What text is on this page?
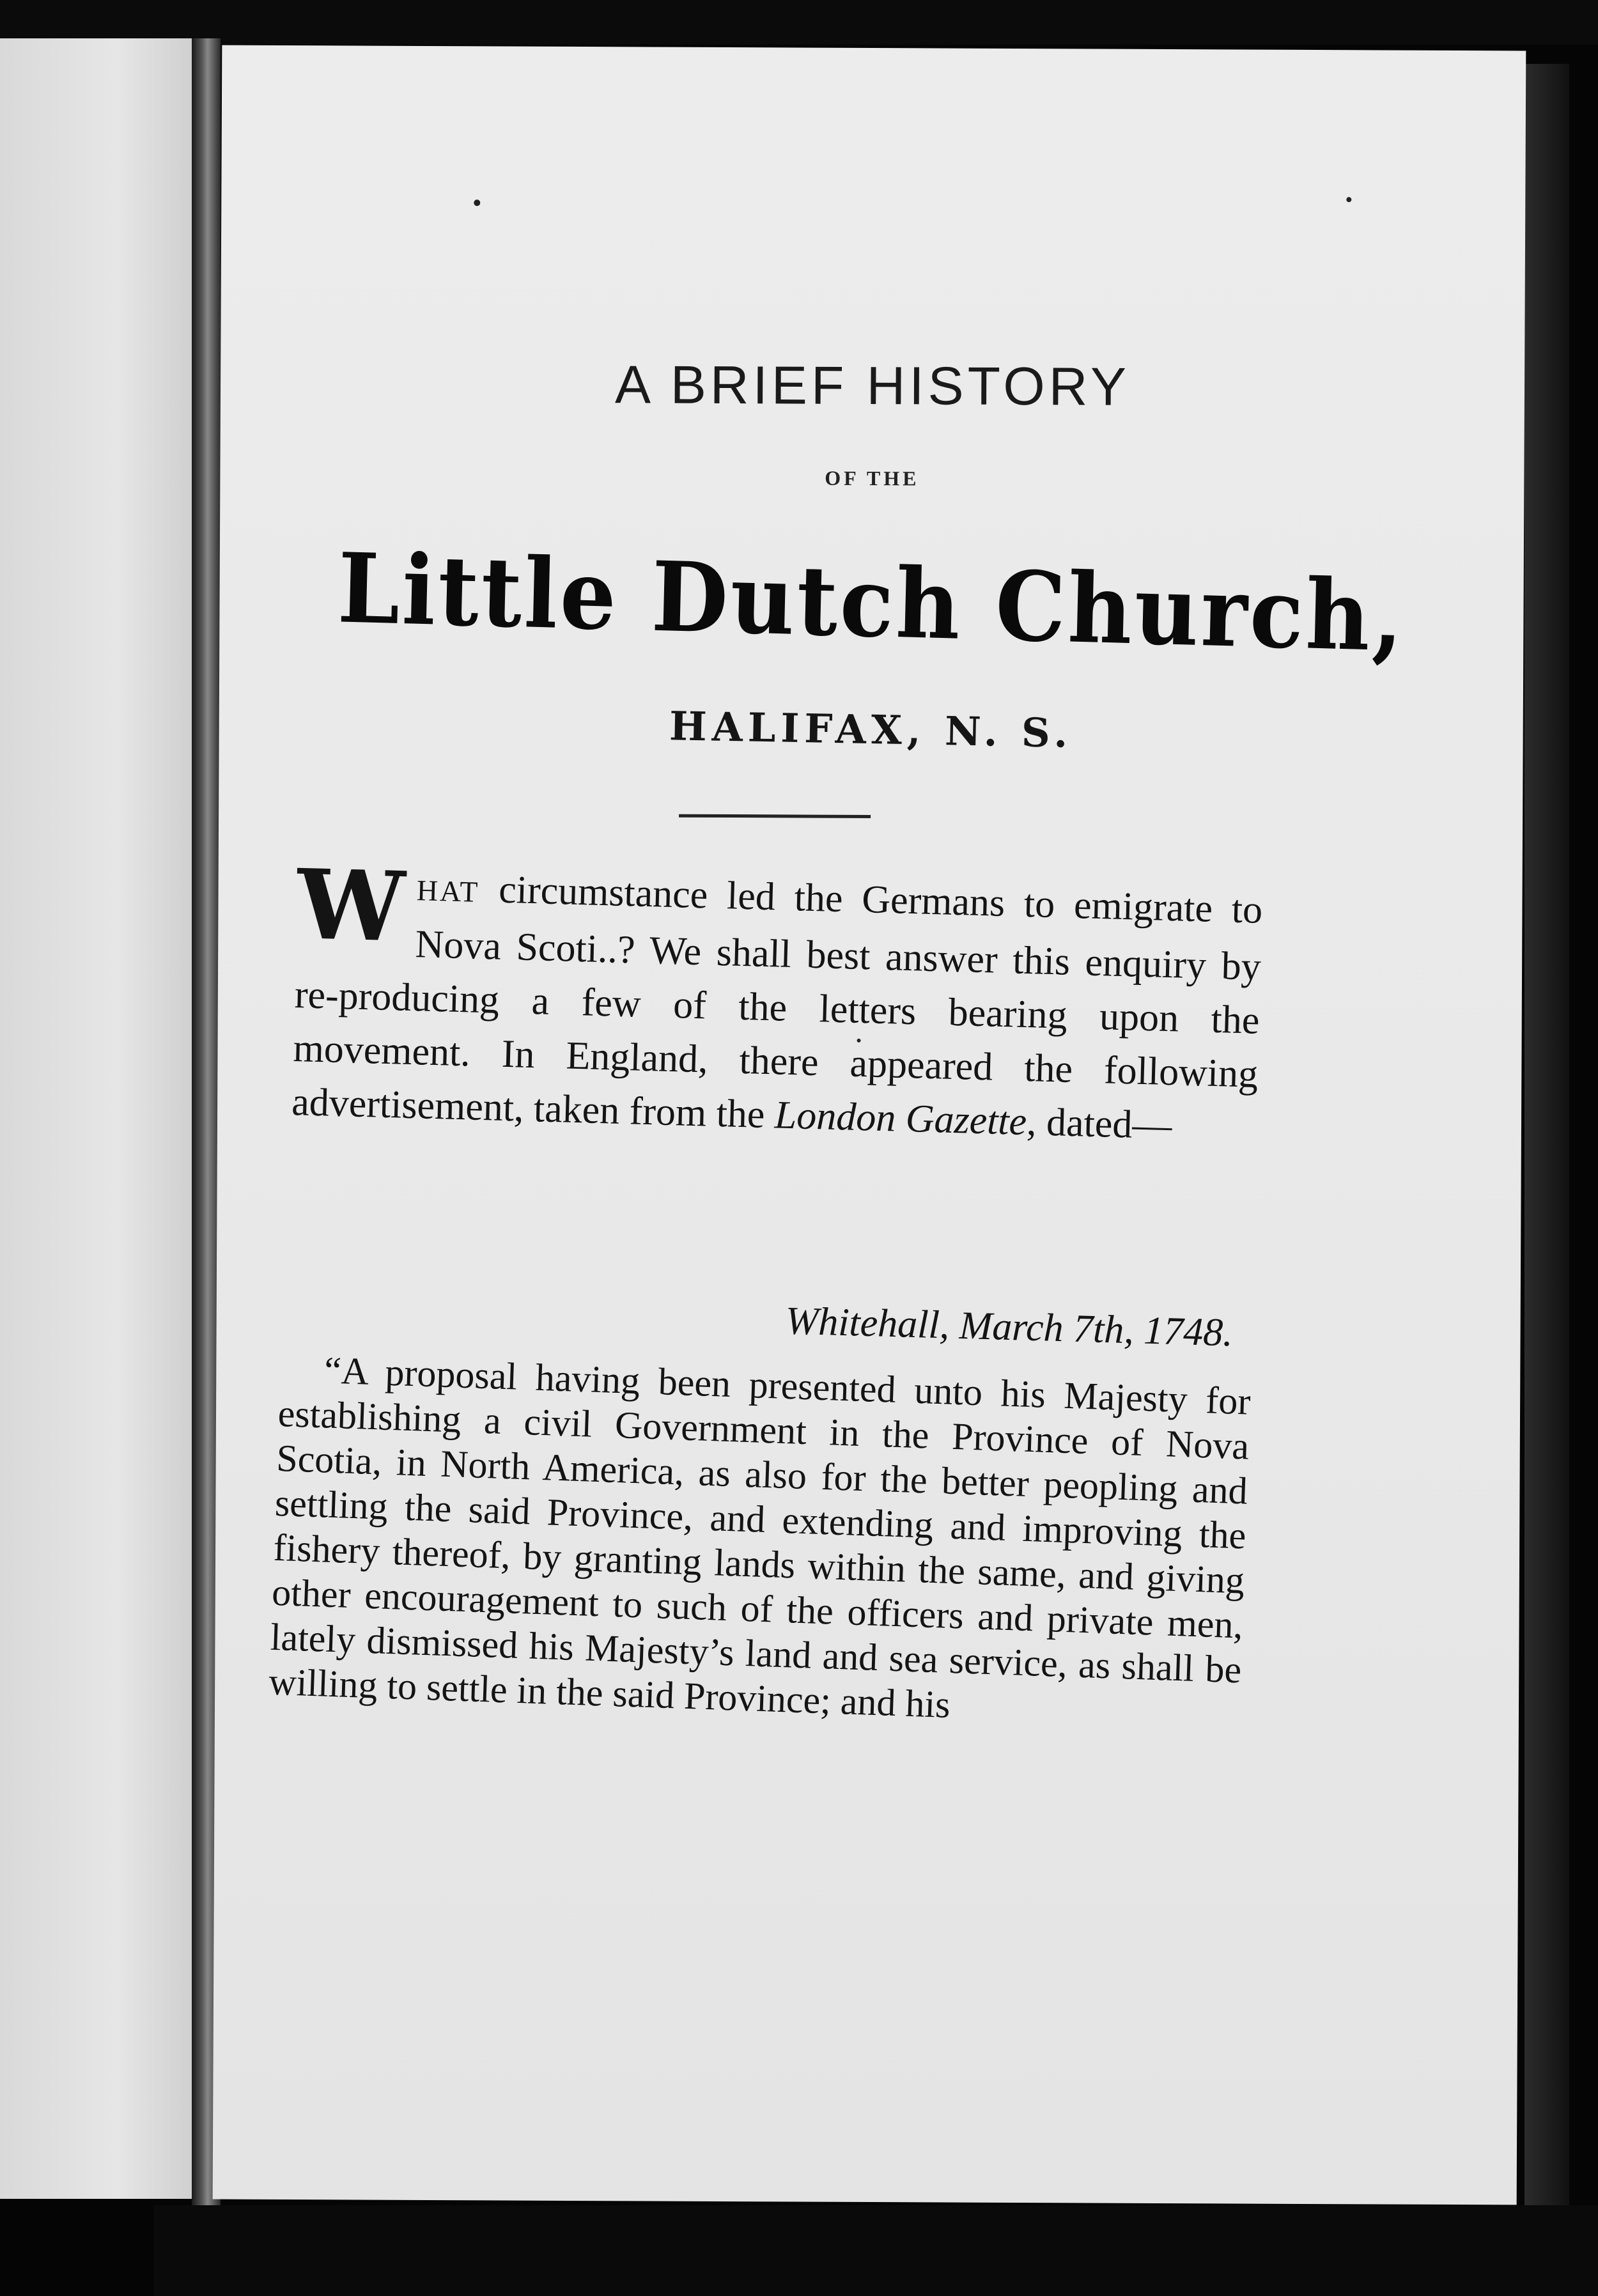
A BRIEF HISTORY
OF THE
Little Dutch Church,
HALIFAX, N. S.
WHAT circumstance led the Germans to emigrate to Nova Scoti..? We shall best answer this enquiry by re-producing a few of the letters bearing upon the movement. In England, there appeared the following advertisement, taken from the London Gazette, dated—
Whitehall, March 7th, 1748.
“A proposal having been presented unto his Majesty for establishing a civil Government in the Province of Nova Scotia, in North America, as also for the better peopling and settling the said Province, and extending and improving the fishery thereof, by granting lands within the same, and giving other encouragement to such of the officers and private men, lately dismissed his Majesty’s land and sea service, as shall be willing to settle in the said Province; and his
